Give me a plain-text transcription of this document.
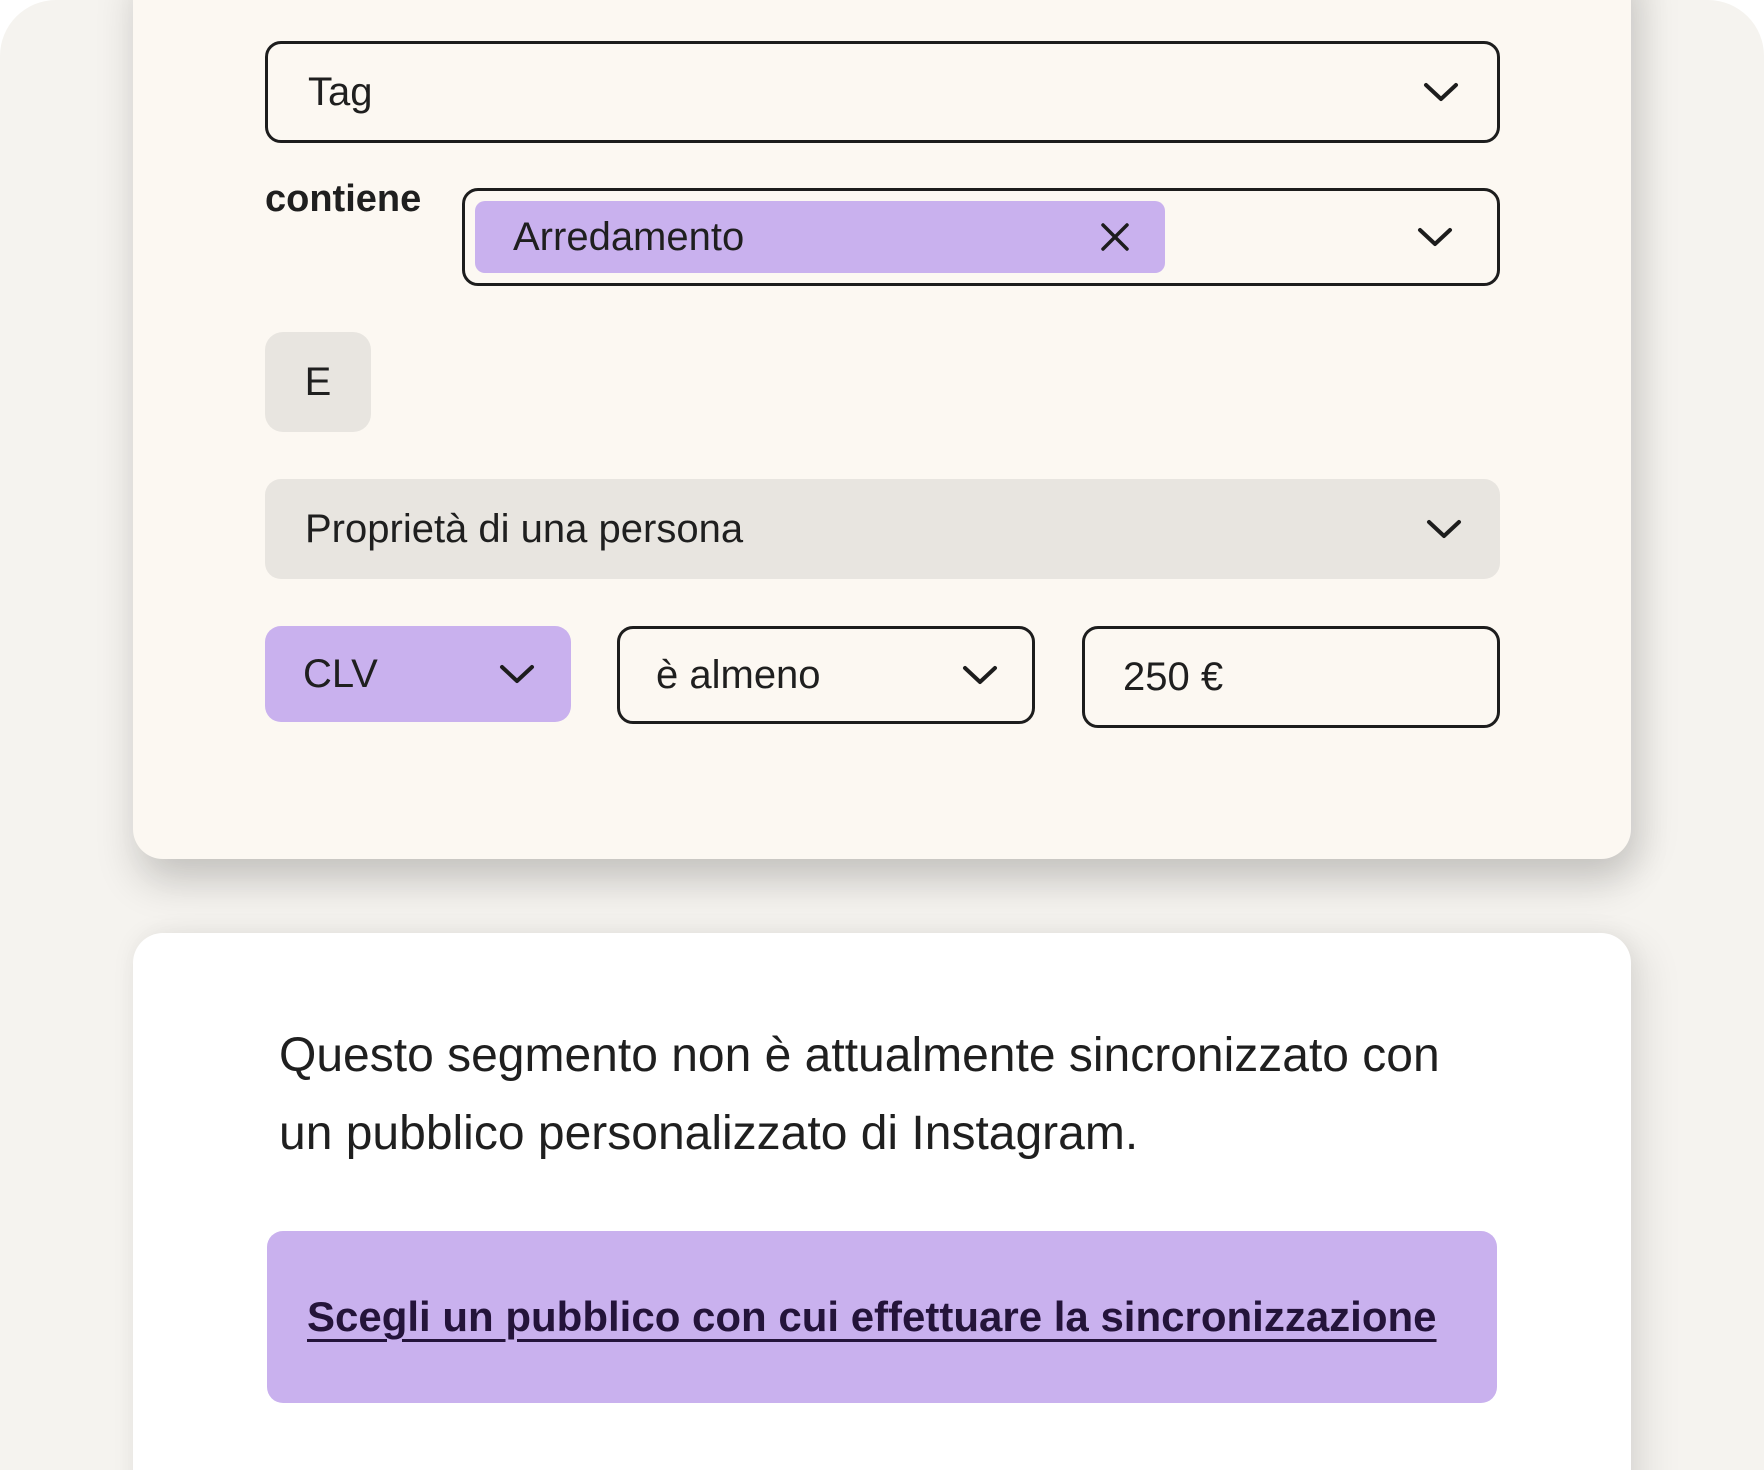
Tag
contiene
Arredamento
E
Proprietà di una persona
CLV	è almeno	250 €
Questo segmento non è attualmente sincronizzato con un pubblico personalizzato di Instagram.
Scegli un pubblico con cui effettuare la sincronizzazione
